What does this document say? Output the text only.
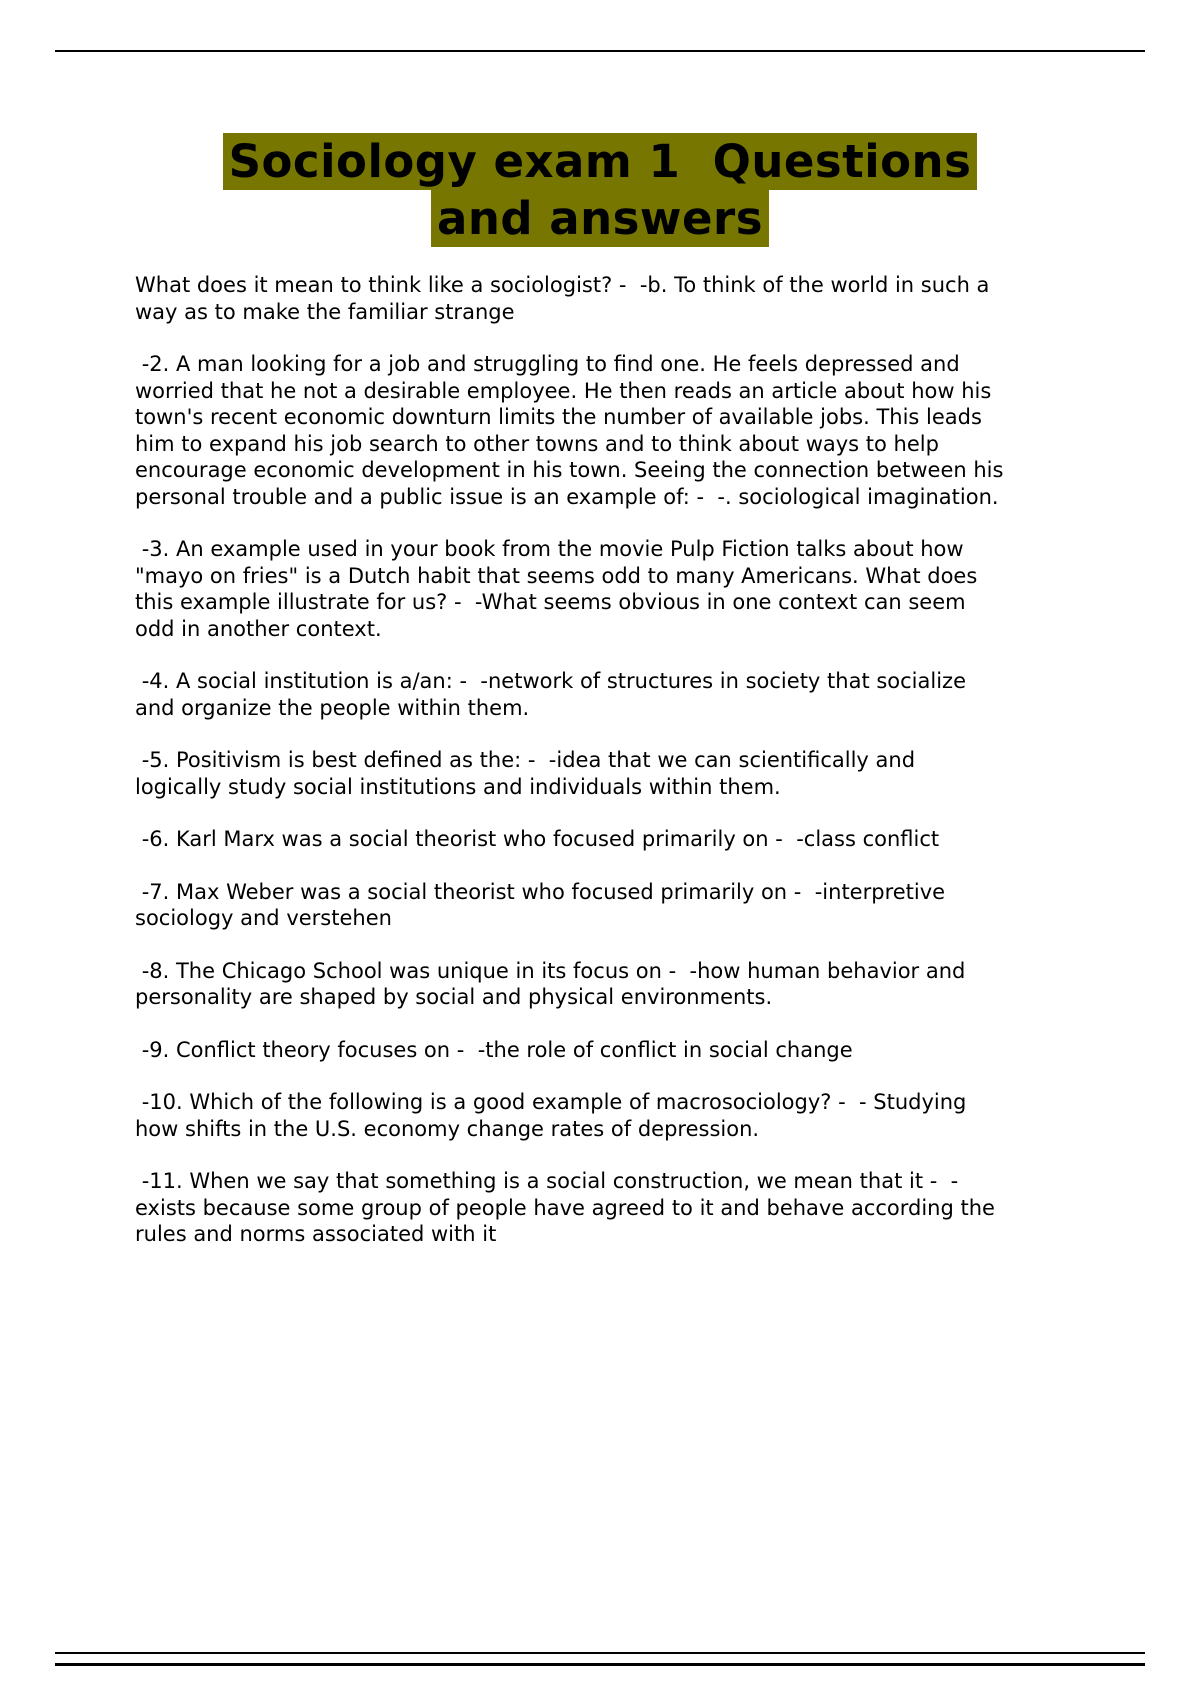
Sociology exam 1  Questions
and answers

What does it mean to think like a sociologist? -  -b. To think of the world in such a way as to make the familiar strange

-2. A man looking for a job and struggling to find one. He feels depressed and worried that he not a desirable employee. He then reads an article about how his town's recent economic downturn limits the number of available jobs. This leads him to expand his job search to other towns and to think about ways to help encourage economic development in his town. Seeing the connection between his personal trouble and a public issue is an example of: -  -. sociological imagination.

-3. An example used in your book from the movie Pulp Fiction talks about how "mayo on fries" is a Dutch habit that seems odd to many Americans. What does this example illustrate for us? -  -What seems obvious in one context can seem odd in another context.

-4. A social institution is a/an: -  -network of structures in society that socialize and organize the people within them.

-5. Positivism is best defined as the: -  -idea that we can scientifically and logically study social institutions and individuals within them.

-6. Karl Marx was a social theorist who focused primarily on -  -class conflict

-7. Max Weber was a social theorist who focused primarily on -  -interpretive sociology and verstehen

-8. The Chicago School was unique in its focus on -  -how human behavior and personality are shaped by social and physical environments.

-9. Conflict theory focuses on -  -the role of conflict in social change

-10. Which of the following is a good example of macrosociology? -  - Studying how shifts in the U.S. economy change rates of depression.

-11. When we say that something is a social construction, we mean that it -  -exists because some group of people have agreed to it and behave according the rules and norms associated with it
